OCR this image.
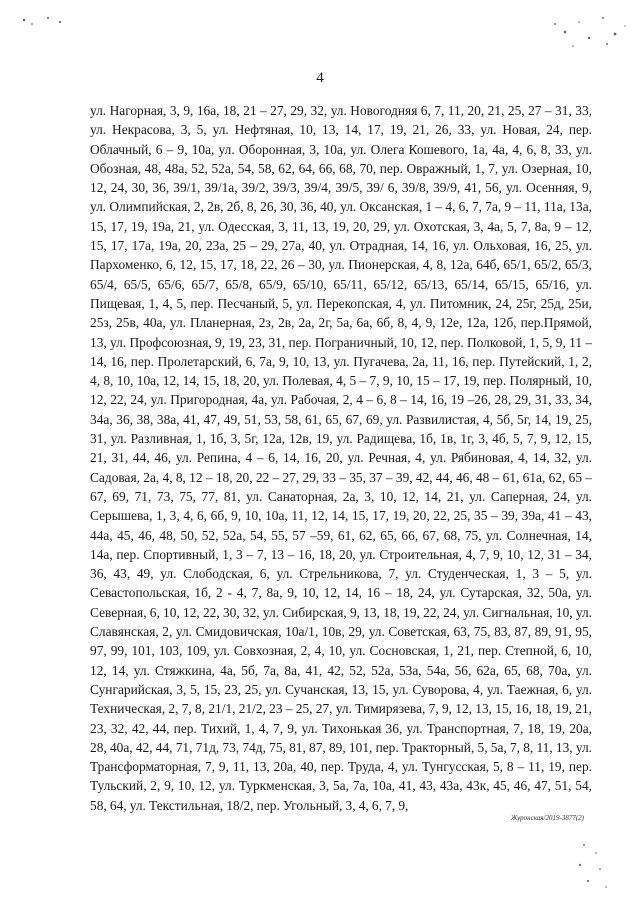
4
ул. Нагорная, 3, 9, 16а, 18, 21 – 27, 29, 32, ул. Новогодняя 6, 7, 11, 20, 21, 25, 27 – 31, 33, ул. Некрасова, 3, 5, ул. Нефтяная, 10, 13, 14, 17, 19, 21, 26, 33, ул. Новая, 24, пер. Облачный, 6 – 9, 10а, ул. Оборонная, 3, 10а, ул. Олега Кошевого, 1а, 4а, 4, 6, 8, 33, ул. Обозная, 48, 48а, 52, 52а, 54, 58, 62, 64, 66, 68, 70, пер. Овражный, 1, 7, ул. Озерная, 10, 12, 24, 30, 36, 39/1, 39/1а, 39/2, 39/3, 39/4, 39/5, 39/ 6, 39/8, 39/9, 41, 56, ул. Осенняя, 9, ул. Олимпийская, 2, 2в, 2б, 8, 26, 30, 36, 40, ул. Оксанская, 1 – 4, 6, 7, 7а, 9 – 11, 11а, 13а, 15, 17, 19, 19а, 21, ул. Одесская, 3, 11, 13, 19, 20, 29, ул. Охотская, 3, 4а, 5, 7, 8а, 9 – 12, 15, 17, 17а, 19а, 20, 23а, 25 – 29, 27а, 40, ул. Отрадная, 14, 16, ул. Ольховая, 16, 25, ул. Пархоменко, 6, 12, 15, 17, 18, 22, 26 – 30, ул. Пионерская, 4, 8, 12а, 64б, 65/1, 65/2, 65/3, 65/4, 65/5, 65/6, 65/7, 65/8, 65/9, 65/10, 65/11, 65/12, 65/13, 65/14, 65/15, 65/16, ул. Пищевая, 1, 4, 5, пер. Песчаный, 5, ул. Перекопская, 4, ул. Питомник, 24, 25г, 25д, 25и, 25з, 25в, 40а, ул. Планерная, 2з, 2в, 2а, 2г, 5а, 6а, 6б, 8, 4, 9, 12е, 12а, 12б, пер.Прямой, 13, ул. Профсоюзная, 9, 19, 23, 31, пер. Пограничный, 10, 12, пер. Полковой, 1, 5, 9, 11 – 14, 16, пер. Пролетарский, 6, 7а, 9, 10, 13, ул. Пугачева, 2а, 11, 16, пер. Путейский, 1, 2, 4, 8, 10, 10а, 12, 14, 15, 18, 20, ул. Полевая, 4, 5 – 7, 9, 10, 15 – 17, 19, пер. Полярный, 10, 12, 22, 24, ул. Пригородная, 4а, ул. Рабочая, 2, 4 – 6, 8 – 14, 16, 19 –26, 28, 29, 31, 33, 34, 34а, 36, 38, 38а, 41, 47, 49, 51, 53, 58, 61, 65, 67, 69, ул. Развилистая, 4, 5б, 5г, 14, 19, 25, 31, ул. Разливная, 1, 1б, 3, 5г, 12а, 12в, 19, ул. Радищева, 1б, 1в, 1г, 3, 4б, 5, 7, 9, 12, 15, 21, 31, 44, 46, ул. Репина, 4 – 6, 14, 16, 20, ул. Речная, 4, ул. Рябиновая, 4, 14, 32, ул. Садовая, 2а, 4, 8, 12 – 18, 20, 22 – 27, 29, 33 – 35, 37 – 39, 42, 44, 46, 48 – 61, 61а, 62, 65 – 67, 69, 71, 73, 75, 77, 81, ул. Санаторная, 2а, 3, 10, 12, 14, 21, ул. Саперная, 24, ул. Серышева, 1, 3, 4, 6, 6б, 9, 10, 10а, 11, 12, 14, 15, 17, 19, 20, 22, 25, 35 – 39, 39а, 41 – 43, 44а, 45, 46, 48, 50, 52, 52а, 54, 55, 57 –59, 61, 62, 65, 66, 67, 68, 75, ул. Солнечная, 14, 14а, пер. Спортивный, 1, 3 – 7, 13 – 16, 18, 20, ул. Строительная, 4, 7, 9, 10, 12, 31 – 34, 36, 43, 49, ул. Слободская, 6, ул. Стрельникова, 7, ул. Студенческая, 1, 3 – 5, ул. Севастопольская, 1б, 2 - 4, 7, 8а, 9, 10, 12, 14, 16 – 18, 24, ул. Сутарская, 32, 50а, ул. Северная, 6, 10, 12, 22, 30, 32, ул. Сибирская, 9, 13, 18, 19, 22, 24, ул. Сигнальная, 10, ул. Славянская, 2, ул. Смидовичская, 10а/1, 10в, 29, ул. Советская, 63, 75, 83, 87, 89, 91, 95, 97, 99, 101, 103, 109, ул. Совхозная, 2, 4, 10, ул. Сосновская, 1, 21, пер. Степной, 6, 10, 12, 14, ул. Стяжкина, 4а, 5б, 7а, 8а, 41, 42, 52, 52а, 53а, 54а, 56, 62а, 65, 68, 70а, ул. Сунгарийская, 3, 5, 15, 23, 25, ул. Сучанская, 13, 15, ул. Суворова, 4, ул. Таежная, 6, ул. Техническая, 2, 7, 8, 21/1, 21/2, 23 – 25, 27, ул. Тимирязева, 7, 9, 12, 13, 15, 16, 18, 19, 21, 23, 32, 42, 44, пер. Тихий, 1, 4, 7, 9, ул. Тихонькая 36, ул. Транспортная, 7, 18, 19, 20а, 28, 40а, 42, 44, 71, 71д, 73, 74д, 75, 81, 87, 89, 101, пер. Тракторный, 5, 5а, 7, 8, 11, 13, ул. Трансформаторная, 7, 9, 11, 13, 20а, 40, пер. Труда, 4, ул. Тунгусская, 5, 8 – 11, 19, пер. Тульский, 2, 9, 10, 12, ул. Туркменская, 3, 5а, 7а, 10а, 41, 43, 43а, 43к, 45, 46, 47, 51, 54, 58, 64, ул. Текстильная, 18/2, пер. Угольный, 3, 4, 6, 7, 9,
Журонская/2019-3877(2)
